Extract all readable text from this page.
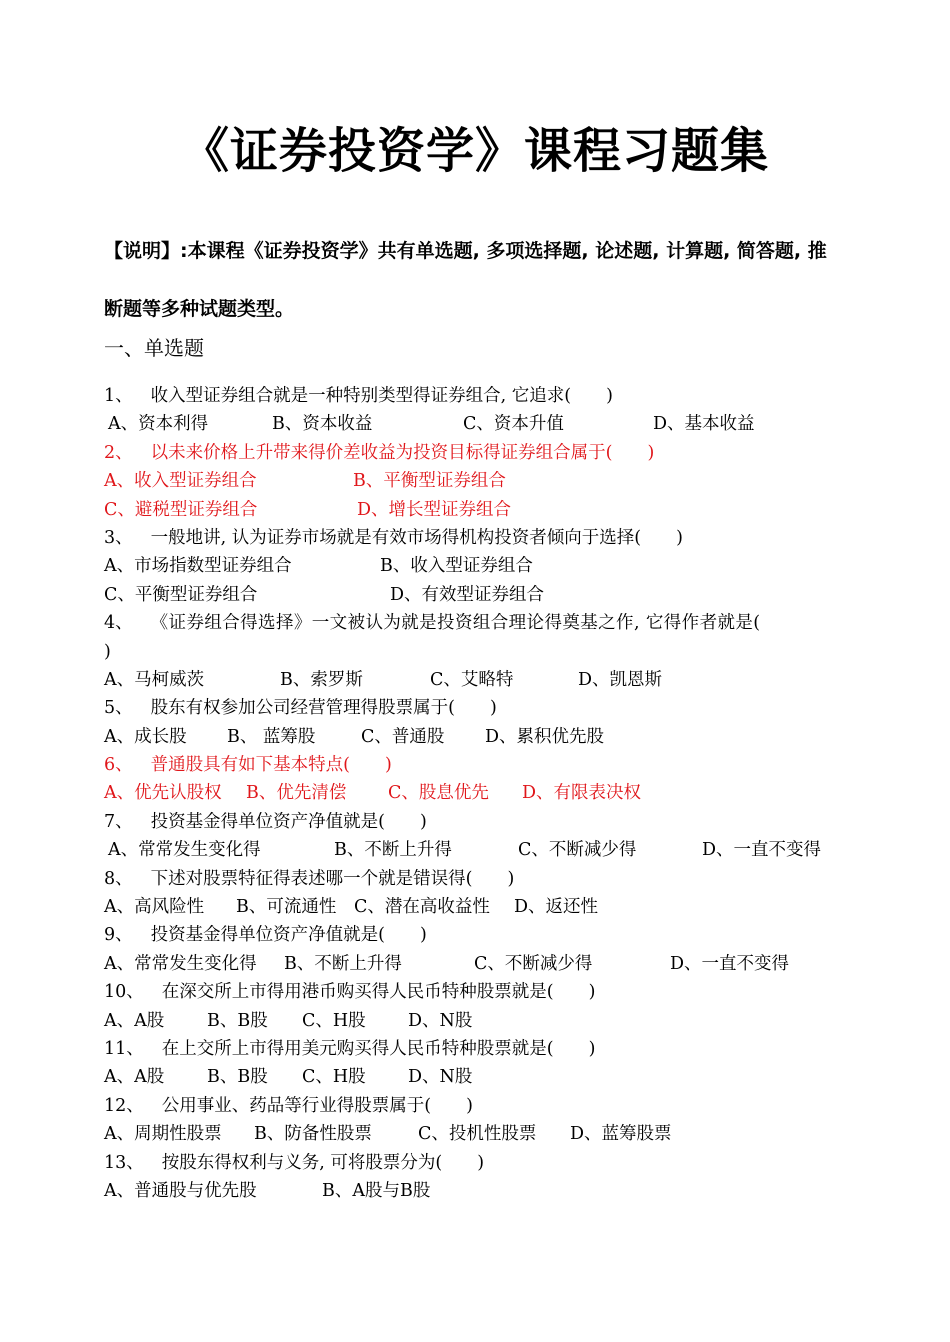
《证券投资学》课程习题集
【说明】:本课程《证券投资学》共有单选题, 多项选择题, 论述题, 计算题, 简答题, 推断题等多种试题类型。
一、单选题
1、 收入型证券组合就是一种特别类型得证券组合, 它追求(　　)
A、资本利得	B、资本收益	C、资本升值	D、基本收益
2、 以未来价格上升带来得价差收益为投资目标得证券组合属于(　　)
A、收入型证券组合	B、平衡型证券组合
C、避税型证券组合	D、增长型证券组合
3、 一般地讲, 认为证券市场就是有效市场得机构投资者倾向于选择(　　)
A、市场指数型证券组合	B、收入型证券组合
C、平衡型证券组合	D、有效型证券组合
4、 《证券组合得选择》一文被认为就是投资组合理论得奠基之作, 它得作者就是(
)
A、马柯威茨	B、索罗斯	C、艾略特	D、凯恩斯
5、 股东有权参加公司经营管理得股票属于(　　)
A、成长股 B、 蓝筹股	C、普通股 D、累积优先股
6、 普通股具有如下基本特点(　　)
A、优先认股权 B、优先清偿 C、股息优先 D、有限表决权
7、 投资基金得单位资产净值就是(　　)
A、常常发生变化得	B、不断上升得	C、不断减少得	D、一直不变得
8、 下述对股票特征得表述哪一个就是错误得(　　)
A、高风险性 B、可流通性 C、潜在高收益性 D、返还性
9、 投资基金得单位资产净值就是(　　)
A、常常发生变化得 B、不断上升得	C、不断减少得	D、一直不变得
10、 在深交所上市得用港币购买得人民币特种股票就是(　　)
A、A股 B、B股 C、H股 D、N股
11、 在上交所上市得用美元购买得人民币特种股票就是(　　)
A、A股 B、B股 C、H股 D、N股
12、 公用事业、药品等行业得股票属于(　　)
A、周期性股票 B、防备性股票	C、投机性股票 D、蓝筹股票
13、 按股东得权利与义务, 可将股票分为(　　)
A、普通股与优先股	B、A股与B股
